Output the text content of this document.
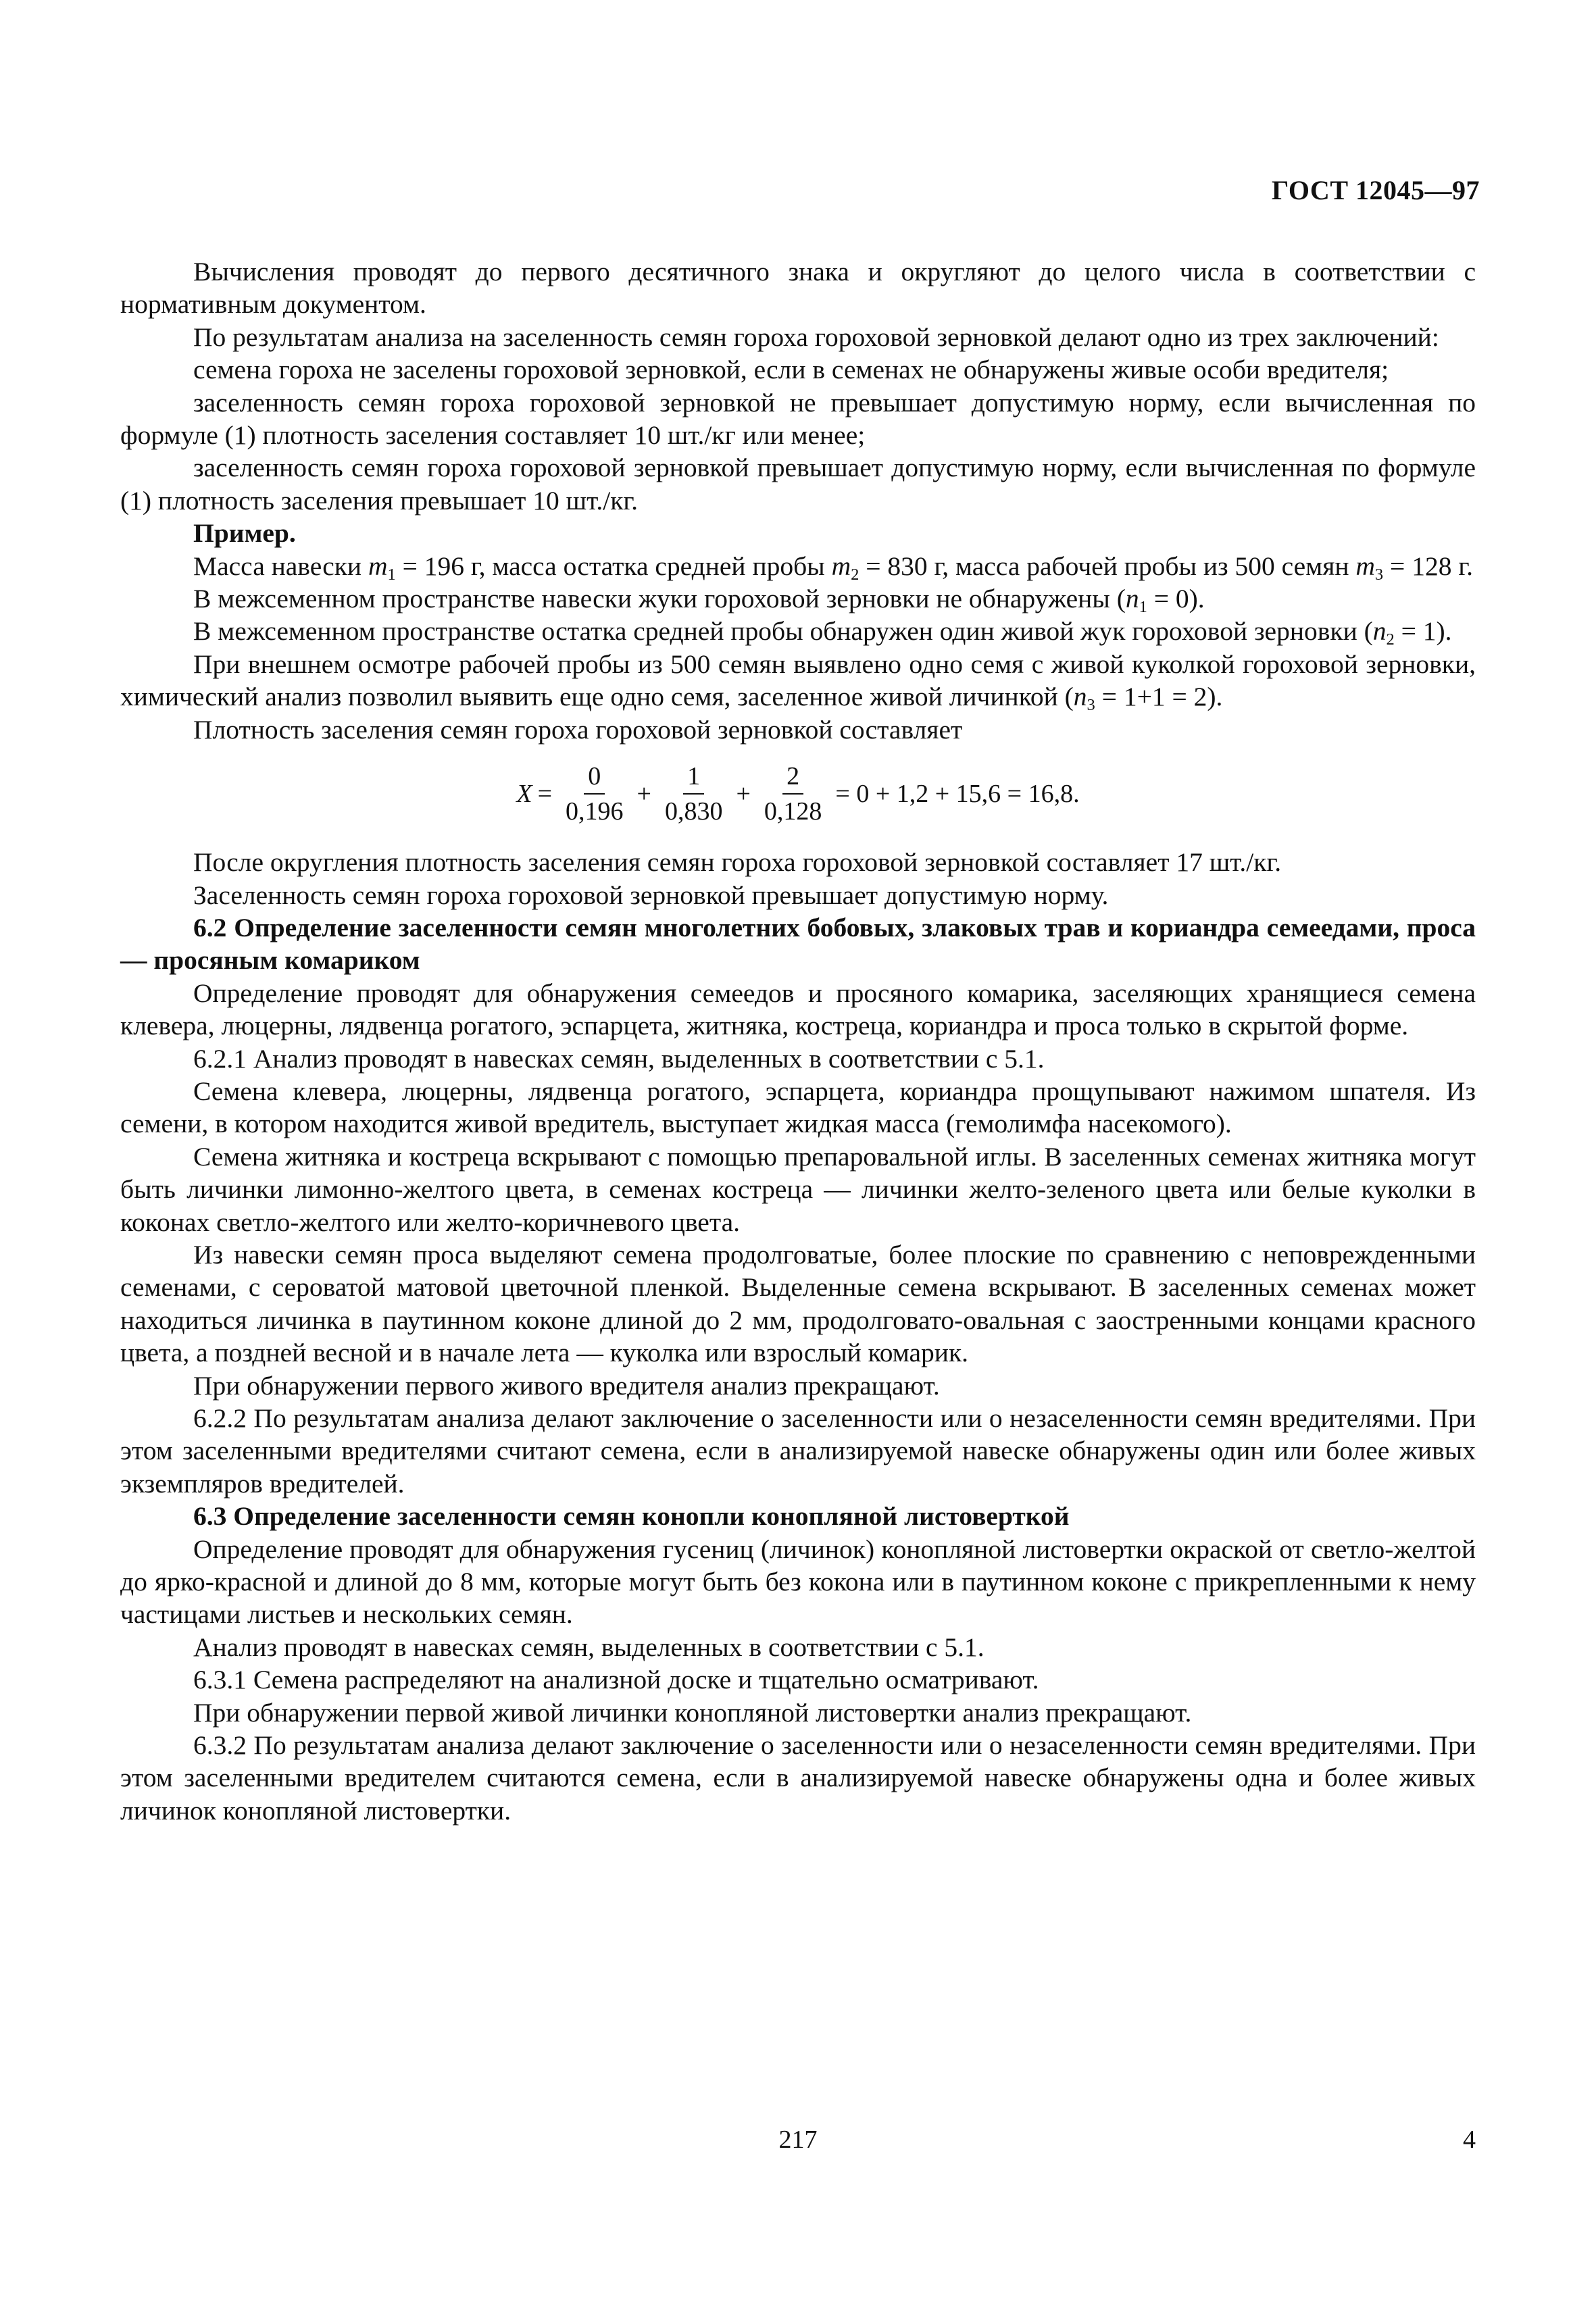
ГОСТ 12045—97

Вычисления проводят до первого десятичного знака и округляют до целого числа в соответствии с нормативным документом.

По результатам анализа на заселенность семян гороха гороховой зерновкой делают одно из трех заключений:

семена гороха не заселены гороховой зерновкой, если в семенах не обнаружены живые особи вредителя;

заселенность семян гороха гороховой зерновкой не превышает допустимую норму, если вычисленная по формуле (1) плотность заселения составляет 10 шт./кг или менее;

заселенность семян гороха гороховой зерновкой превышает допустимую норму, если вычисленная по формуле (1) плотность заселения превышает 10 шт./кг.

Пример.

Масса навески $m_1 = 196$ г, масса остатка средней пробы $m_2 = 830$ г, масса рабочей пробы из 500 семян $m_3 = 128$ г.

В межсеменном пространстве навески жуки гороховой зерновки не обнаружены $(n_1 = 0)$.

В межсеменном пространстве остатка средней пробы обнаружен один живой жук гороховой зерновки $(n_2 = 1)$.

При внешнем осмотре рабочей пробы из 500 семян выявлено одно семя с живой куколкой гороховой зерновки, химический анализ позволил выявить еще одно семя, заселенное живой личинкой $(n_3 = 1+1 = 2)$.

Плотность заселения семян гороха гороховой зерновкой составляет

$X = \frac{0}{0,196} + \frac{1}{0,830} + \frac{2}{0,128} = 0 + 1,2 + 15,6 = 16,8$ .

После округления плотность заселения семян гороха гороховой зерновкой составляет 17 шт./кг.

Заселенность семян гороха гороховой зерновкой превышает допустимую норму.

6.2 Определение заселенности семян многолетних бобовых, злаковых трав и кориандра семеедами, проса — просяным комариком

Определение проводят для обнаружения семеедов и просяного комарика, заселяющих хранящиеся семена клевера, люцерны, лядвенца рогатого, эспарцета, житняка, костреца, кориандра и проса только в скрытой форме.

6.2.1 Анализ проводят в навесках семян, выделенных в соответствии с 5.1.

Семена клевера, люцерны, лядвенца рогатого, эспарцета, кориандра прощупывают нажимом шпателя. Из семени, в котором находится живой вредитель, выступает жидкая масса (гемолимфа насекомого).

Семена житняка и костреца вскрывают с помощью препаровальной иглы. В заселенных семенах житняка могут быть личинки лимонно-желтого цвета, в семенах костреца — личинки желто-зеленого цвета или белые куколки в коконах светло-желтого или желто-коричневого цвета.

Из навески семян проса выделяют семена продолговатые, более плоские по сравнению с неповрежденными семенами, с сероватой матовой цветочной пленкой. Выделенные семена вскрывают. В заселенных семенах может находиться личинка в паутинном коконе длиной до 2 мм, продолговато-овальная с заостренными концами красного цвета, а поздней весной и в начале лета — куколка или взрослый комарик.

При обнаружении первого живого вредителя анализ прекращают.

6.2.2 По результатам анализа делают заключение о заселенности или о незаселенности семян вредителями. При этом заселенными вредителями считают семена, если в анализируемой навеске обнаружены один или более живых экземпляров вредителей.

6.3 Определение заселенности семян конопли конопляной листоверткой

Определение проводят для обнаружения гусениц (личинок) конопляной листовертки окраской от светло-желтой до ярко-красной и длиной до 8 мм, которые могут быть без кокона или в паутинном коконе с прикрепленными к нему частицами листьев и нескольких семян.

Анализ проводят в навесках семян, выделенных в соответствии с 5.1.

6.3.1 Семена распределяют на анализной доске и тщательно осматривают.

При обнаружении первой живой личинки конопляной листовертки анализ прекращают.

6.3.2 По результатам анализа делают заключение о заселенности или о незаселенности семян вредителями. При этом заселенными вредителем считаются семена, если в анализируемой навеске обнаружены одна и более живых личинок конопляной листовертки.

217	4
